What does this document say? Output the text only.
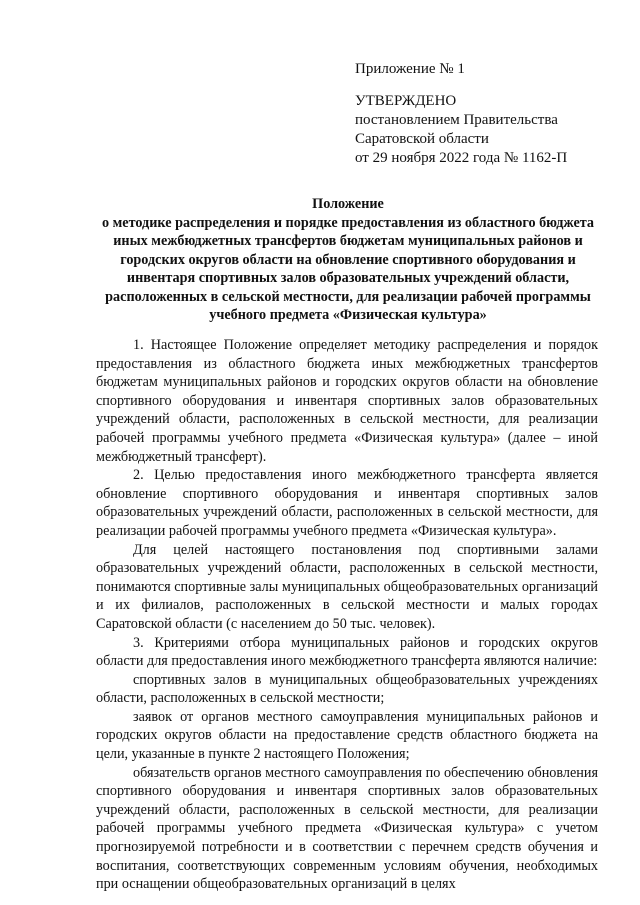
Приложение № 1
УТВЕРЖДЕНО
постановлением Правительства
Саратовской области
от 29 ноября 2022 года № 1162-П
Положение
о методике распределения и порядке предоставления из областного бюджета иных межбюджетных трансфертов бюджетам муниципальных районов и городских округов области на обновление спортивного оборудования и инвентаря спортивных залов образовательных учреждений области, расположенных в сельской местности, для реализации рабочей программы учебного предмета «Физическая культура»

1. Настоящее Положение определяет методику распределения и порядок предоставления из областного бюджета иных межбюджетных трансфертов бюджетам муниципальных районов и городских округов области на обновление спортивного оборудования и инвентаря спортивных залов образовательных учреждений области, расположенных в сельской местности, для реализации рабочей программы учебного предмета «Физическая культура» (далее – иной межбюджетный трансферт).

2. Целью предоставления иного межбюджетного трансферта является обновление спортивного оборудования и инвентаря спортивных залов образовательных учреждений области, расположенных в сельской местности, для реализации рабочей программы учебного предмета «Физическая культура».

Для целей настоящего постановления под спортивными залами образовательных учреждений области, расположенных в сельской местности, понимаются спортивные залы муниципальных общеобразовательных организаций и их филиалов, расположенных в сельской местности и малых городах Саратовской области (с населением до 50 тыс. человек).

3. Критериями отбора муниципальных районов и городских округов области для предоставления иного межбюджетного трансферта являются наличие:

спортивных залов в муниципальных общеобразовательных учреждениях области, расположенных в сельской местности;

заявок от органов местного самоуправления муниципальных районов и городских округов области на предоставление средств областного бюджета на цели, указанные в пункте 2 настоящего Положения;

обязательств органов местного самоуправления по обеспечению обновления спортивного оборудования и инвентаря спортивных залов образовательных учреждений области, расположенных в сельской местности, для реализации рабочей программы учебного предмета «Физическая культура» с учетом прогнозируемой потребности и в соответствии с перечнем средств обучения и воспитания, соответствующих современным условиям обучения, необходимых при оснащении общеобразовательных организаций в целях
